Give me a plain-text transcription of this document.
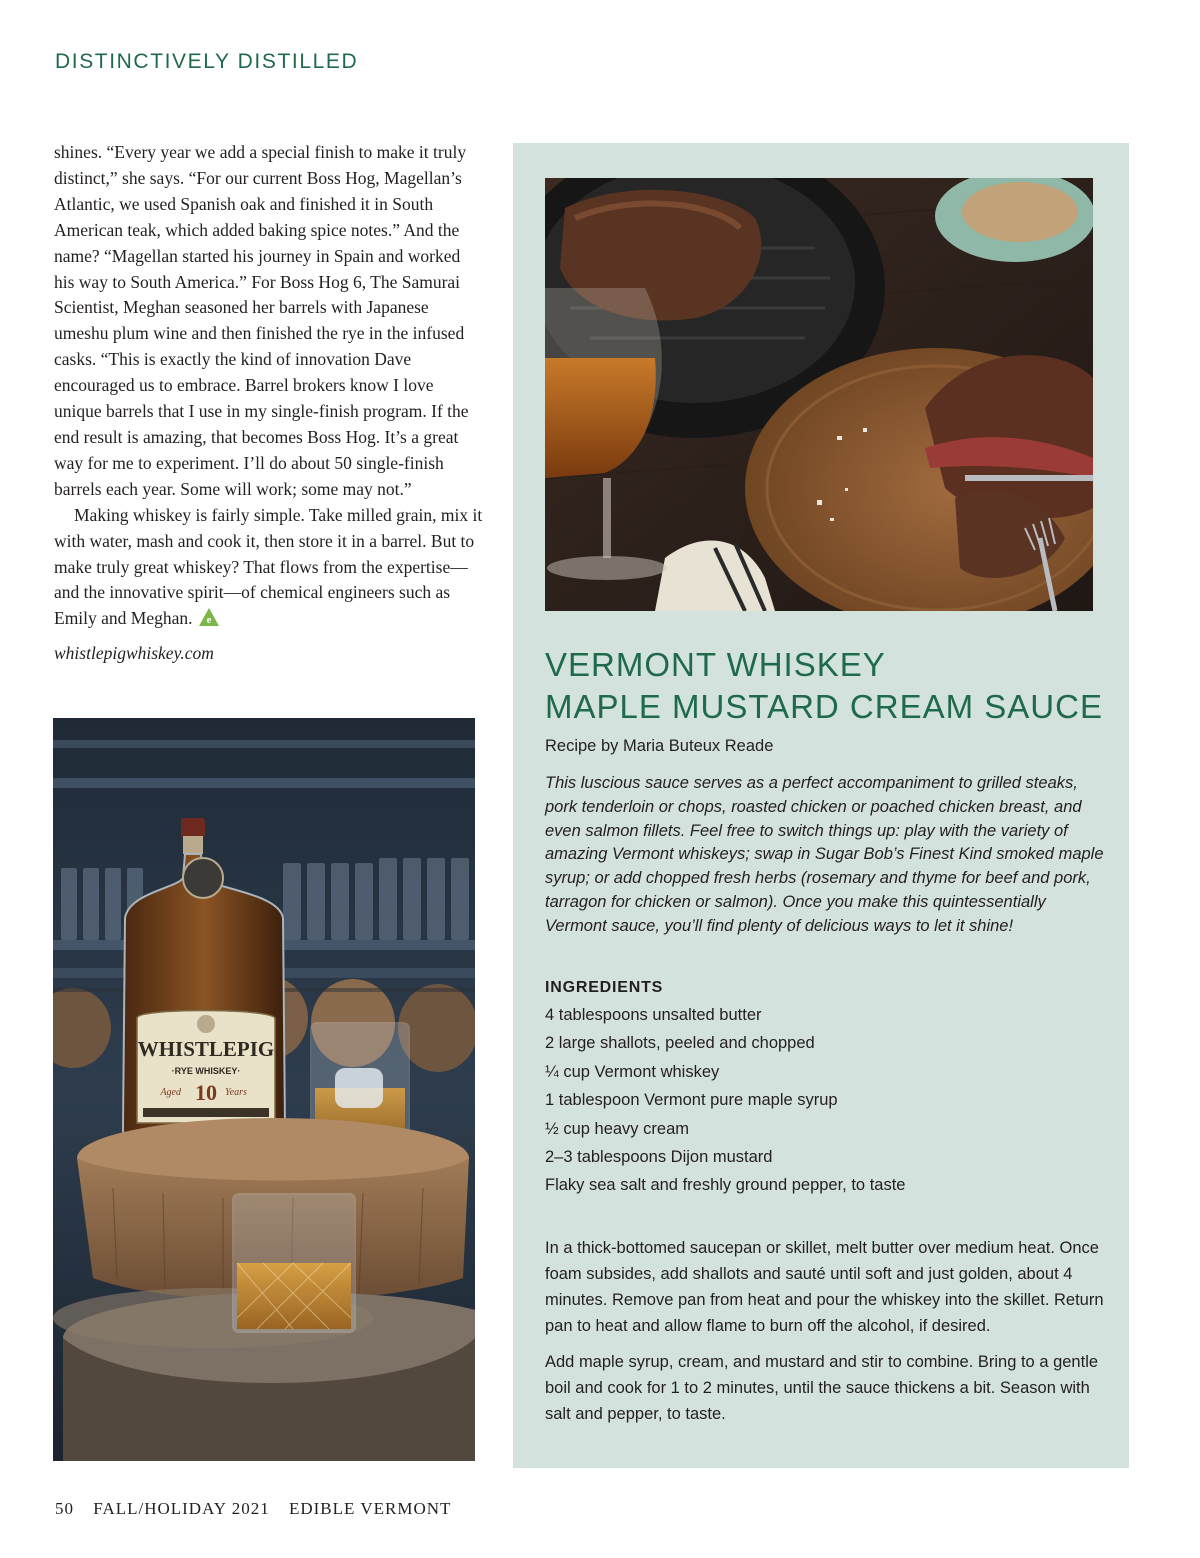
DISTINCTIVELY DISTILLED

shines. “Every year we add a special finish to make it truly distinct,” she says. “For our current Boss Hog, Magellan’s Atlantic, we used Spanish oak and finished it in South American teak, which added baking spice notes.” And the name? “Magellan started his journey in Spain and worked his way to South America.” For Boss Hog 6, The Samurai Scientist, Meghan seasoned her barrels with Japanese umeshu plum wine and then finished the rye in the infused casks. “This is exactly the kind of innovation Dave encouraged us to embrace. Barrel brokers know I love unique barrels that I use in my single-finish program. If the end result is amazing, that becomes Boss Hog. It’s a great way for me to experiment. I’ll do about 50 single-finish barrels each year. Some will work; some may not.”

Making whiskey is fairly simple. Take milled grain, mix it with water, mash and cook it, then store it in a barrel. But to make truly great whiskey? That flows from the expertise—and the innovative spirit—of chemical engineers such as Emily and Meghan. e

whistlepigwhiskey.com
WHISTLEPIG
·RYE WHISKEY·
Aged 10 Years
VERMONT WHISKEY
MAPLE MUSTARD CREAM SAUCE
Recipe by Maria Buteux Reade

This luscious sauce serves as a perfect accompaniment to grilled steaks, pork tenderloin or chops, roasted chicken or poached chicken breast, and even salmon fillets. Feel free to switch things up: play with the variety of amazing Vermont whiskeys; swap in Sugar Bob’s Finest Kind smoked maple syrup; or add chopped fresh herbs (rosemary and thyme for beef and pork, tarragon for chicken or salmon). Once you make this quintessentially Vermont sauce, you’ll find plenty of delicious ways to let it shine!

INGREDIENTS
4 tablespoons unsalted butter
2 large shallots, peeled and chopped
¼ cup Vermont whiskey
1 tablespoon Vermont pure maple syrup
½ cup heavy cream
2–3 tablespoons Dijon mustard
Flaky sea salt and freshly ground pepper, to taste

In a thick-bottomed saucepan or skillet, melt butter over medium heat. Once foam subsides, add shallots and sauté until soft and just golden, about 4 minutes. Remove pan from heat and pour the whiskey into the skillet. Return pan to heat and allow flame to burn off the alcohol, if desired.

Add maple syrup, cream, and mustard and stir to combine. Bring to a gentle boil and cook for 1 to 2 minutes, until the sauce thickens a bit. Season with salt and pepper, to taste.

50 FALL/HOLIDAY 2021 EDIBLE VERMONT
